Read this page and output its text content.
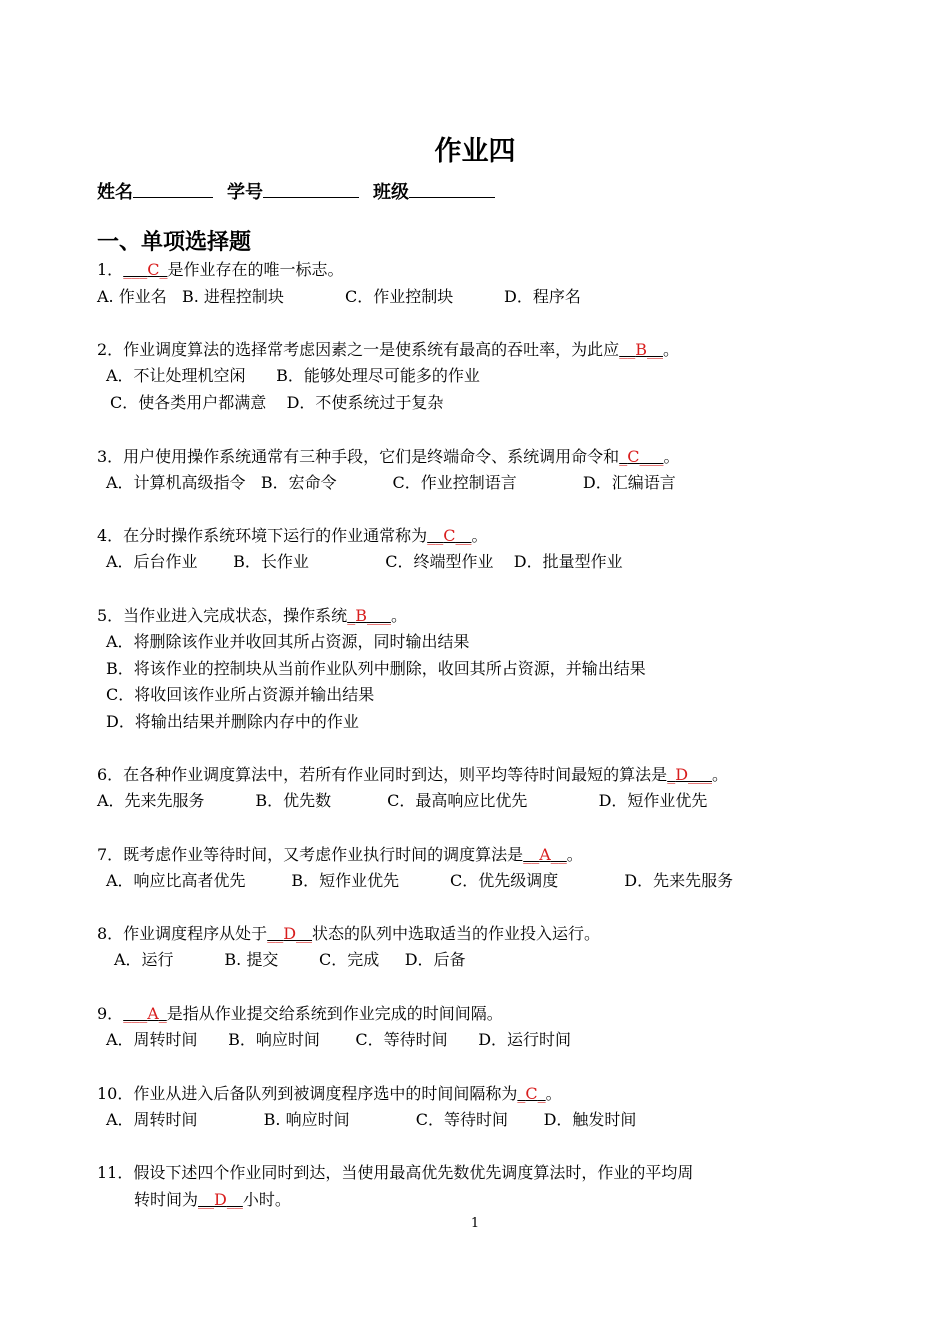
作业四
姓名	学号	班级
一、单项选择题
1．___C_是作业存在的唯一标志。
A. 作业名   B. 进程控制块            C．作业控制块          D．程序名
2．作业调度算法的选择常考虑因素之一是使系统有最高的吞吐率，为此应__B__。
A．不让处理机空闲      B．能够处理尽可能多的作业
C．使各类用户都满意    D．不使系统过于复杂
3．用户使用操作系统通常有三种手段，它们是终端命令、系统调用命令和_C___。
A．计算机高级指令   B．宏命令           C．作业控制语言             D．汇编语言
4．在分时操作系统环境下运行的作业通常称为__C__。
A．后台作业       B．长作业               C．终端型作业    D．批量型作业
5．当作业进入完成状态，操作系统_B___。
A．将删除该作业并收回其所占资源，同时输出结果
B．将该作业的控制块从当前作业队列中删除，收回其所占资源，并输出结果
C．将收回该作业所占资源并输出结果
D．将输出结果并删除内存中的作业
6．在各种作业调度算法中，若所有作业同时到达，则平均等待时间最短的算法是_D___。
A．先来先服务          B．优先数           C．最高响应比优先              D．短作业优先
7．既考虑作业等待时间，又考虑作业执行时间的调度算法是__A__。
A．响应比高者优先         B．短作业优先          C．优先级调度             D．先来先服务
8．作业调度程序从处于__D__状态的队列中选取适当的作业投入运行。
A．运行          B. 提交        C．完成     D．后备
9．___A_是指从作业提交给系统到作业完成的时间间隔。
A．周转时间      B．响应时间       C．等待时间      D．运行时间
10．作业从进入后备队列到被调度程序选中的时间间隔称为_C_。
A．周转时间             B. 响应时间             C．等待时间       D．触发时间
11．假设下述四个作业同时到达，当使用最高优先数优先调度算法时，作业的平均周
转时间为__D__小时。
1
